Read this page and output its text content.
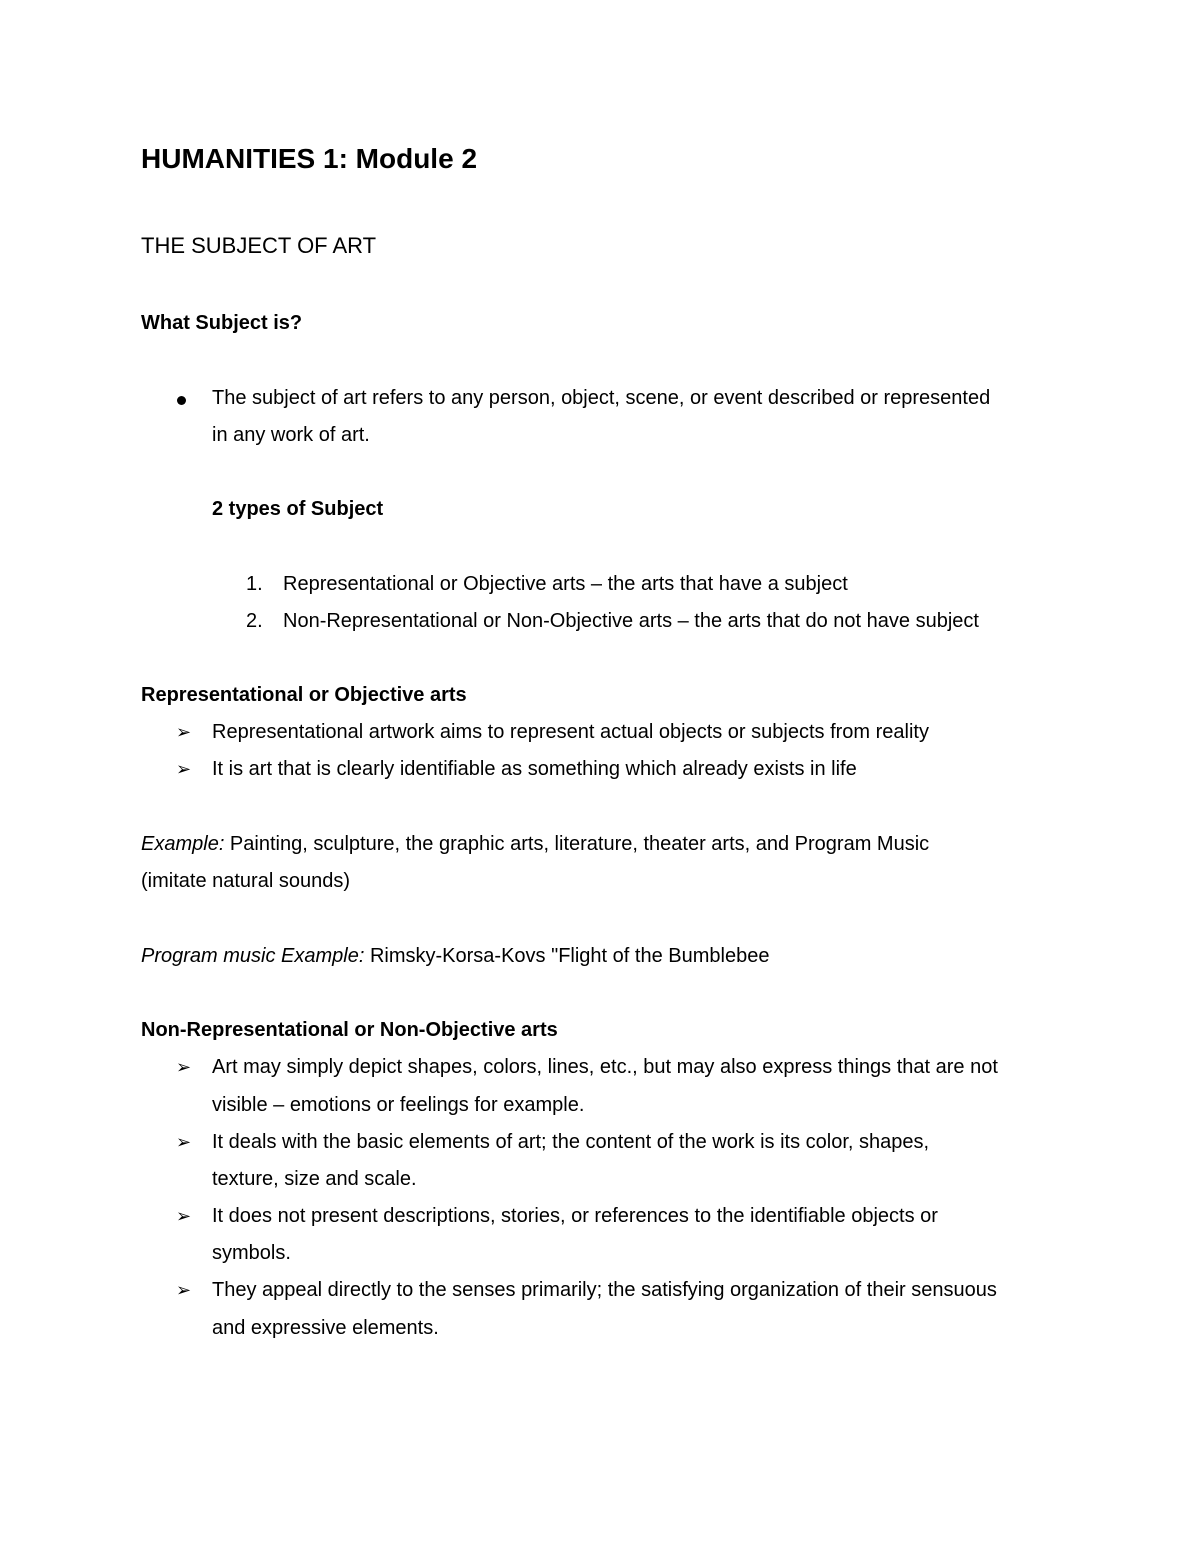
HUMANITIES 1: Module 2
THE SUBJECT OF ART
What Subject is?
The subject of art refers to any person, object, scene, or event described or represented
in any work of art.
2 types of Subject
1. Representational or Objective arts – the arts that have a subject
2. Non-Representational or Non-Objective arts – the arts that do not have subject
Representational or Objective arts
➢ Representational artwork aims to represent actual objects or subjects from reality
➢ It is art that is clearly identifiable as something which already exists in life
Example: Painting, sculpture, the graphic arts, literature, theater arts, and Program Music
(imitate natural sounds)
Program music Example: Rimsky-Korsa-Kovs "Flight of the Bumblebee
Non-Representational or Non-Objective arts
➢ Art may simply depict shapes, colors, lines, etc., but may also express things that are not
visible – emotions or feelings for example.
➢ It deals with the basic elements of art; the content of the work is its color, shapes,
texture, size and scale.
➢ It does not present descriptions, stories, or references to the identifiable objects or
symbols.
➢ They appeal directly to the senses primarily; the satisfying organization of their sensuous
and expressive elements.
